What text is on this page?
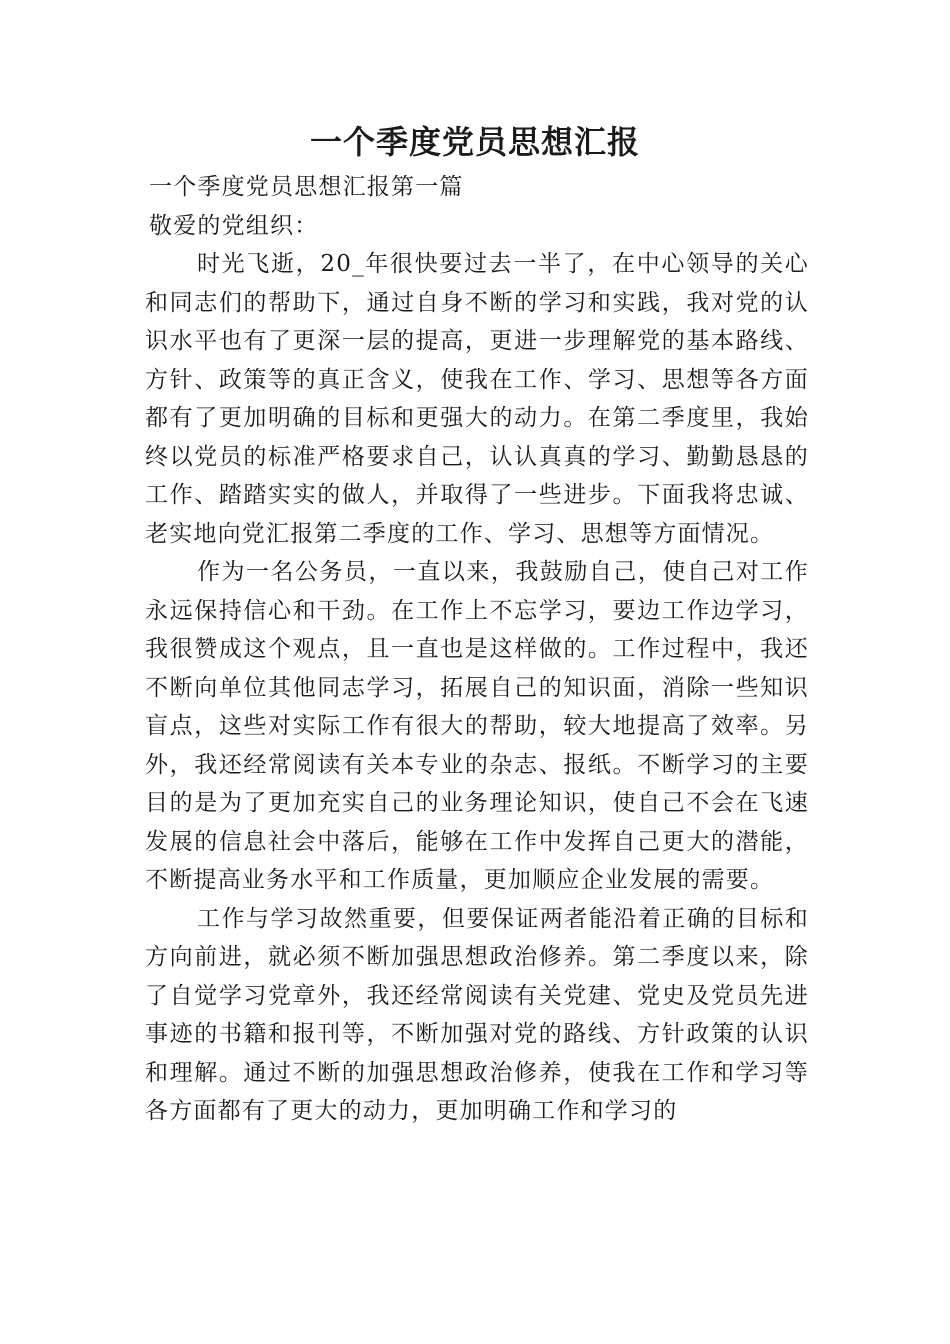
一个季度党员思想汇报

一个季度党员思想汇报第一篇

敬爱的党组织：

时光飞逝，20_年很快要过去一半了，在中心领导的关心和同志们的帮助下，通过自身不断的学习和实践，我对党的认识水平也有了更深一层的提高，更进一步理解党的基本路线、方针、政策等的真正含义，使我在工作、学习、思想等各方面都有了更加明确的目标和更强大的动力。在第二季度里，我始终以党员的标准严格要求自己，认认真真的学习、勤勤恳恳的工作、踏踏实实的做人，并取得了一些进步。下面我将忠诚、老实地向党汇报第二季度的工作、学习、思想等方面情况。

作为一名公务员，一直以来，我鼓励自己，使自己对工作永远保持信心和干劲。在工作上不忘学习，要边工作边学习，我很赞成这个观点，且一直也是这样做的。工作过程中，我还不断向单位其他同志学习，拓展自己的知识面，消除一些知识盲点，这些对实际工作有很大的帮助，较大地提高了效率。另外，我还经常阅读有关本专业的杂志、报纸。不断学习的主要目的是为了更加充实自己的业务理论知识，使自己不会在飞速发展的信息社会中落后，能够在工作中发挥自己更大的潜能，不断提高业务水平和工作质量，更加顺应企业发展的需要。

工作与学习故然重要，但要保证两者能沿着正确的目标和方向前进，就必须不断加强思想政治修养。第二季度以来，除了自觉学习党章外，我还经常阅读有关党建、党史及党员先进事迹的书籍和报刊等，不断加强对党的路线、方针政策的认识和理解。通过不断的加强思想政治修养，使我在工作和学习等各方面都有了更大的动力，更加明确工作和学习的
